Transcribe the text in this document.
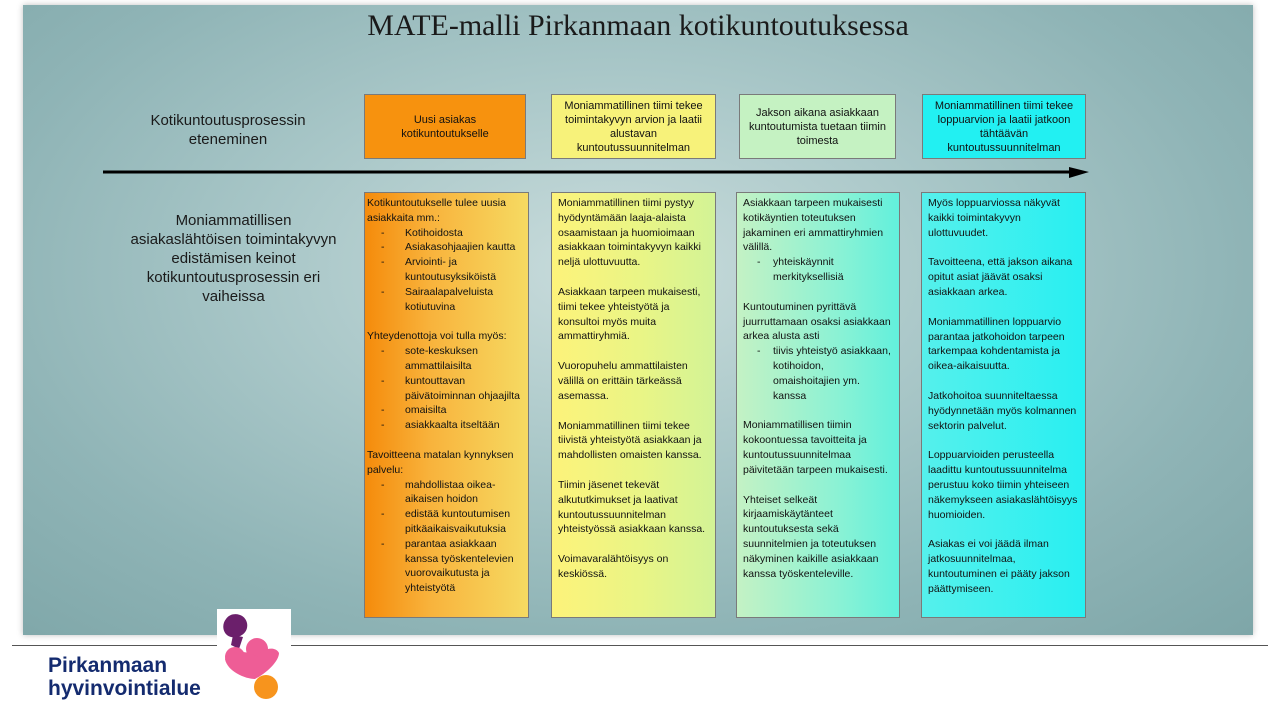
MATE-malli Pirkanmaan kotikuntoutuksessa
Kotikuntoutusprosessin eteneminen
Moniammatillisen asiakaslähtöisen toimintakyvyn edistämisen keinot kotikuntoutusprosessin eri vaiheissa
Uusi asiakas kotikuntoutukselle
Moniammatillinen tiimi tekee toimintakyvyn arvion ja laatii alustavan kuntoutussuunnitelman
Jakson aikana asiakkaan kuntoutumista tuetaan tiimin toimesta
Moniammatillinen tiimi tekee loppuarvion ja laatii jatkoon tähtäävän kuntoutussuunnitelman

Kotikuntoutukselle tulee uusia asiakkaita mm.:

-	Kotihoidosta
-	Asiakasohjaajien kautta
-	Arviointi- ja kuntoutusyksiköistä
-	Sairaalapalveluista kotiutuvina

Yhteydenottoja voi tulla myös:

-	sote-keskuksen ammattilaisilta
-	kuntouttavan päivätoiminnan ohjaajilta
-	omaisilta
-	asiakkaalta itseltään

Tavoitteena matalan kynnyksen palvelu:

-	mahdollistaa oikea-aikaisen hoidon
-	edistää kuntoutumisen pitkäaikaisvaikutuksia
-	parantaa asiakkaan kanssa työskentelevien vuorovaikutusta ja yhteistyötä

Moniammatillinen tiimi pystyy hyödyntämään laaja-alaista osaamistaan ja huomioimaan asiakkaan toimintakyvyn kaikki neljä ulottuvuutta.

Asiakkaan tarpeen mukaisesti, tiimi tekee yhteistyötä ja konsultoi myös muita ammattiryhmiä.

Vuoropuhelu ammattilaisten välillä on erittäin tärkeässä asemassa.

Moniammatillinen tiimi tekee tiivistä yhteistyötä asiakkaan ja mahdollisten omaisten kanssa.

Tiimin jäsenet tekevät alkututkimukset ja laativat kuntoutussuunnitelman yhteistyössä asiakkaan kanssa.

Voimavaralähtöisyys on keskiössä.

Asiakkaan tarpeen mukaisesti kotikäyntien toteutuksen jakaminen eri ammattiryhmien välillä.

-	yhteiskäynnit merkityksellisiä

Kuntoutuminen pyrittävä juurruttamaan osaksi asiakkaan arkea alusta asti

-	tiivis yhteistyö asiakkaan, kotihoidon, omaishoitajien ym. kanssa

Moniammatillisen tiimin kokoontuessa tavoitteita ja kuntoutussuunnitelmaa päivitetään tarpeen mukaisesti.

Yhteiset selkeät kirjaamiskäytänteet kuntoutuksesta sekä suunnitelmien ja toteutuksen näkyminen kaikille asiakkaan kanssa työskenteleville.

Myös loppuarviossa näkyvät kaikki toimintakyvyn ulottuvuudet.

Tavoitteena, että jakson aikana opitut asiat jäävät osaksi asiakkaan arkea.

Moniammatillinen loppuarvio parantaa jatkohoidon tarpeen tarkempaa kohdentamista ja oikea-aikaisuutta.

Jatkohoitoa suunniteltaessa hyödynnetään myös kolmannen sektorin palvelut.

Loppuarvioiden perusteella laadittu kuntoutussuunnitelma perustuu koko tiimin yhteiseen näkemykseen asiakaslähtöisyys huomioiden.

Asiakas ei voi jäädä ilman jatkosuunnitelmaa, kuntoutuminen ei pääty jakson päättymiseen.

Pirkanmaan
hyvinvointialue
